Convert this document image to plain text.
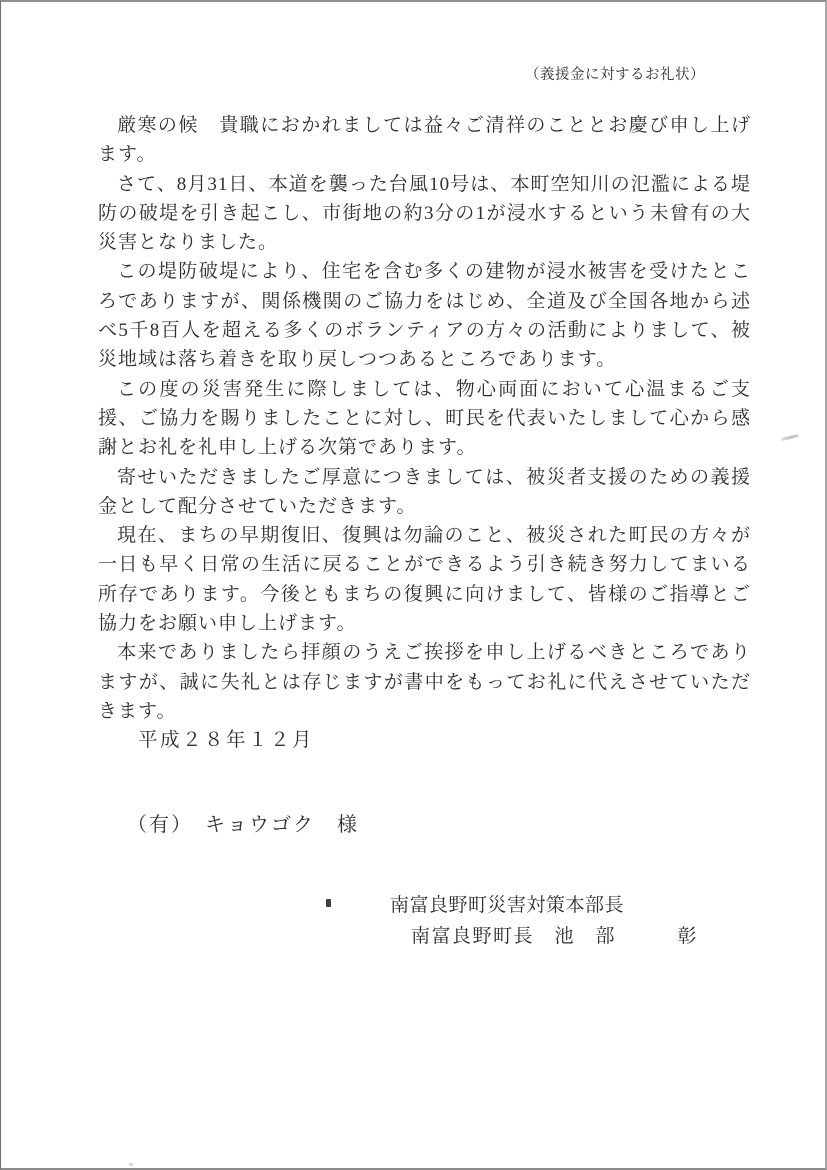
（義援金に対するお礼状）

厳寒の候　貴職におかれましては益々ご清祥のこととお慶び申し上げます。

さて、8月31日、本道を襲った台風10号は、本町空知川の氾濫による堤防の破堤を引き起こし、市街地の約3分の1が浸水するという未曾有の大災害となりました。

この堤防破堤により、住宅を含む多くの建物が浸水被害を受けたところでありますが、関係機関のご協力をはじめ、全道及び全国各地から述べ5千8百人を超える多くのボランティアの方々の活動によりまして、被災地域は落ち着きを取り戻しつつあるところであります。

この度の災害発生に際しましては、物心両面において心温まるご支援、ご協力を賜りましたことに対し、町民を代表いたしまして心から感謝とお礼を礼申し上げる次第であります。

寄せいただきましたご厚意につきましては、被災者支援のための義援金として配分させていただきます。

現在、まちの早期復旧、復興は勿論のこと、被災された町民の方々が一日も早く日常の生活に戻ることができるよう引き続き努力してまいる所存であります。今後ともまちの復興に向けまして、皆様のご指導とご協力をお願い申し上げます。

本来でありましたら拝顔のうえご挨拶を申し上げるべきところでありますが、誠に失礼とは存じますが書中をもってお礼に代えさせていただきます。

平成２８年１２月
（有）　キョウゴク　様
南富良野町災害対策本部長
南富良野町長　池　部　　　彰
